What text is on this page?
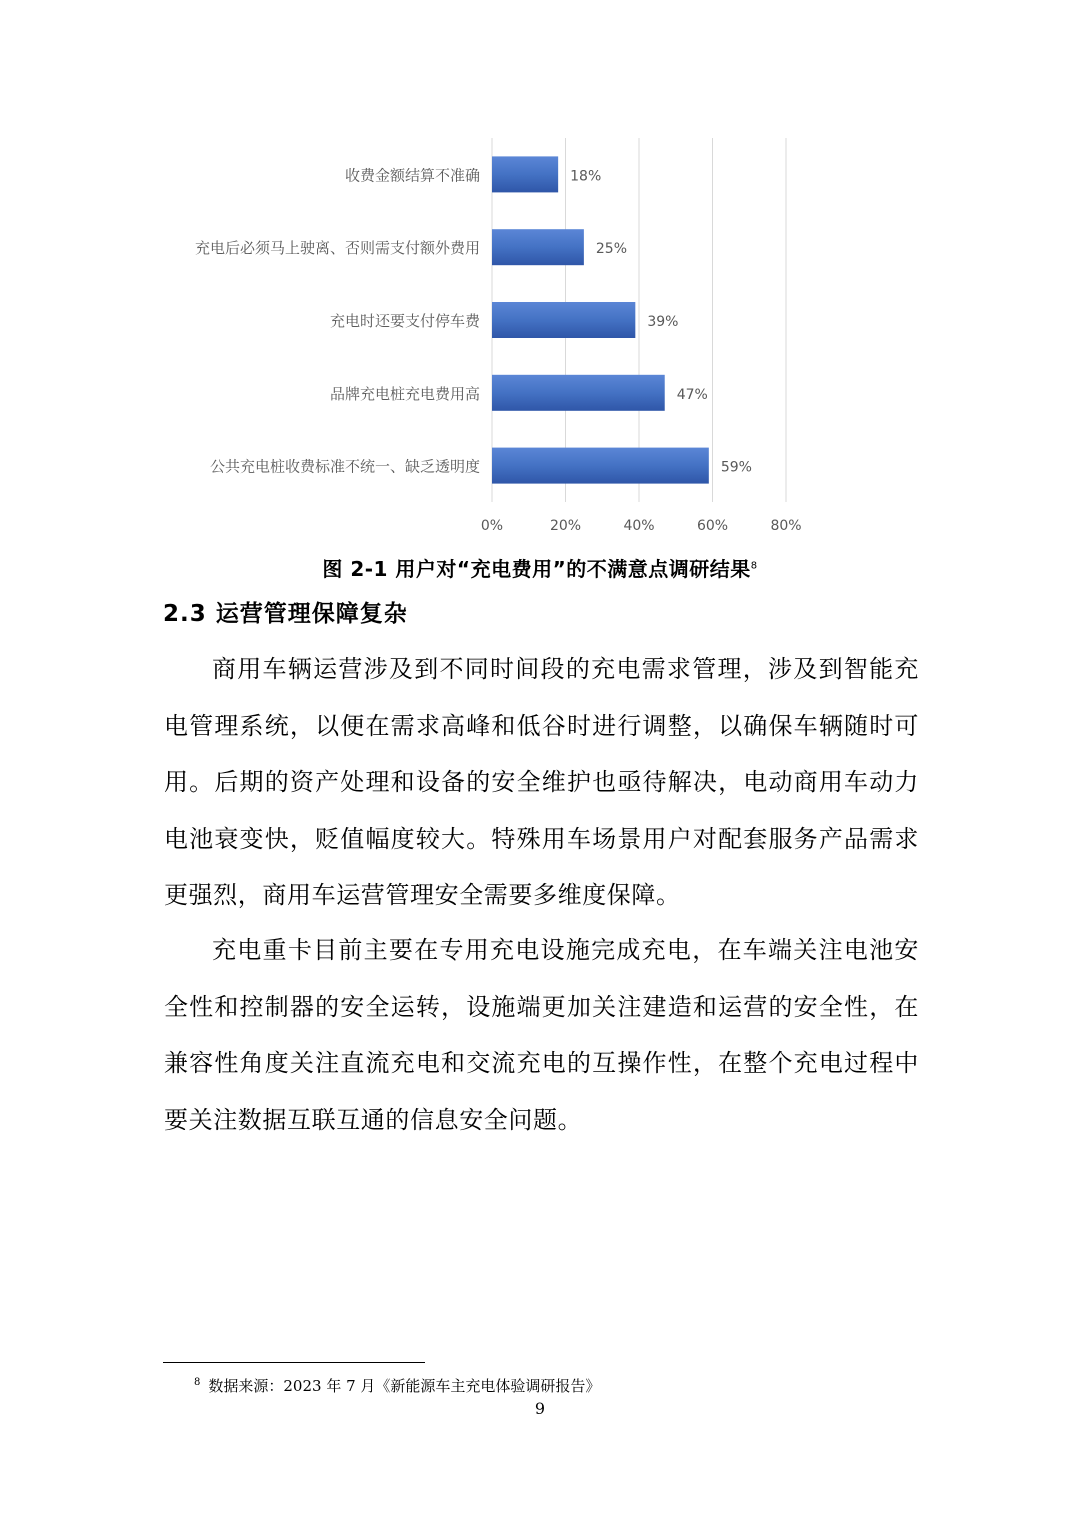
收费金额结算不准确	18%
充电后必须马上驶离、否则需支付额外费用	25%
充电时还要支付停车费	39%
品牌充电桩充电费用高	47%
公共充电桩收费标准不统一、缺乏透明度	59%
0%	20%	40%	60%	80%
图 2-1 用户对“充电费用”的不满意点调研结果$^8$
2.3 运营管理保障复杂

商用车辆运营涉及到不同时间段的充电需求管理，涉及到智能充电管理系统，以便在需求高峰和低谷时进行调整，以确保车辆随时可用。后期的资产处理和设备的安全维护也亟待解决，电动商用车动力电池衰变快，贬值幅度较大。特殊用车场景用户对配套服务产品需求更强烈，商用车运营管理安全需要多维度保障。

充电重卡目前主要在专用充电设施完成充电，在车端关注电池安全性和控制器的安全运转，设施端更加关注建造和运营的安全性，在兼容性角度关注直流充电和交流充电的互操作性，在整个充电过程中要关注数据互联互通的信息安全问题。

$^8$ 数据来源：2023 年 7 月《新能源车主充电体验调研报告》
9
